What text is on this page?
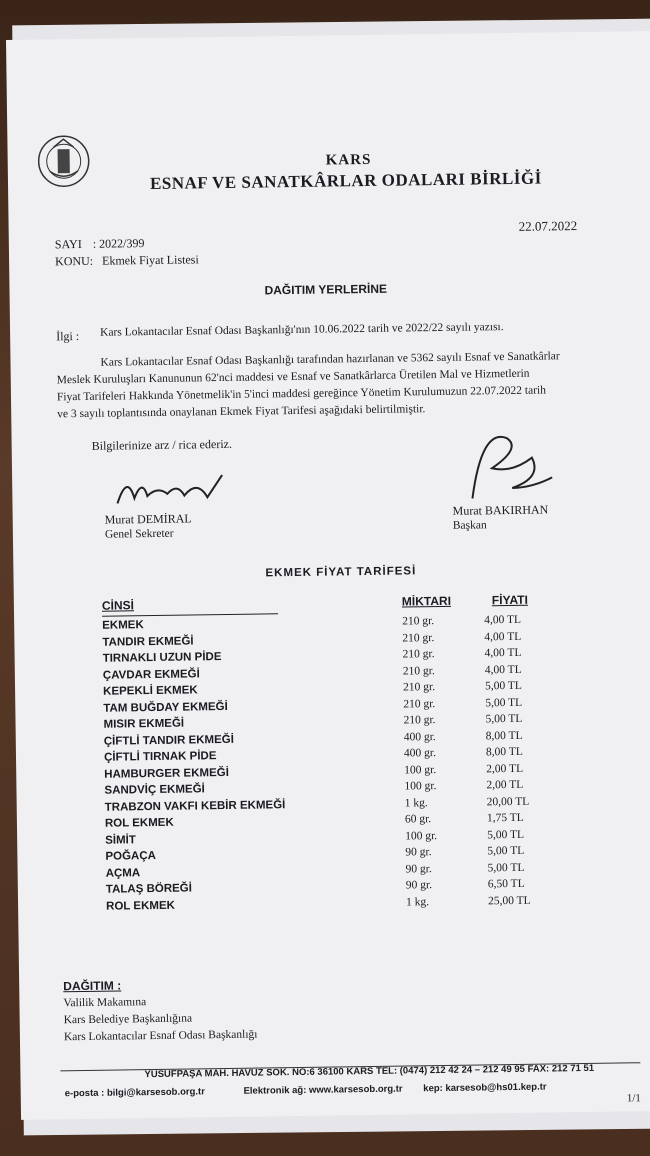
KARS
ESNAF VE SANATKÂRLAR ODALARI BİRLİĞİ
22.07.2022
SAYI : 2022/399
KONU: Ekmek Fiyat Listesi
DAĞITIM YERLERİNE
İlgi : Kars Lokantacılar Esnaf Odası Başkanlığı'nın 10.06.2022 tarih ve 2022/22 sayılı yazısı.
Kars Lokantacılar Esnaf Odası Başkanlığı tarafından hazırlanan ve 5362 sayılı Esnaf ve Sanatkârlar
Meslek Kuruluşları Kanununun 62'nci maddesi ve Esnaf ve Sanatkârlarca Üretilen Mal ve Hizmetlerin
Fiyat Tarifeleri Hakkında Yönetmelik'in 5'inci maddesi gereğince Yönetim Kurulumuzun 22.07.2022 tarih
ve 3 sayılı toplantısında onaylanan Ekmek Fiyat Tarifesi aşağıdaki belirtilmiştir.
Bilgilerinize arz / rica ederiz.
Murat DEMİRAL
Genel Sekreter
Murat BAKIRHAN
Başkan
EKMEK FİYAT TARİFESİ
CİNSİ	MİKTARI	FİYATI
EKMEK	210 gr.	4,00 TL
TANDIR EKMEĞİ	210 gr.	4,00 TL
TIRNAKLI UZUN PİDE	210 gr.	4,00 TL
ÇAVDAR EKMEĞİ	210 gr.	4,00 TL
KEPEKLİ EKMEK	210 gr.	5,00 TL
TAM BUĞDAY EKMEĞİ	210 gr.	5,00 TL
MISIR EKMEĞİ	210 gr.	5,00 TL
ÇİFTLİ TANDIR EKMEĞİ	400 gr.	8,00 TL
ÇİFTLİ TIRNAK PİDE	400 gr.	8,00 TL
HAMBURGER EKMEĞİ	100 gr.	2,00 TL
SANDVİÇ EKMEĞİ	100 gr.	2,00 TL
TRABZON VAKFI KEBİR EKMEĞİ	1 kg.	20,00 TL
ROL EKMEK	60 gr.	1,75 TL
SİMİT	100 gr.	5,00 TL
POĞAÇA	90 gr.	5,00 TL
AÇMA	90 gr.	5,00 TL
TALAŞ BÖREĞİ	90 gr.	6,50 TL
ROL EKMEK	1 kg.	25,00 TL
DAĞITIM :
Valilik Makamına
Kars Belediye Başkanlığına
Kars Lokantacılar Esnaf Odası Başkanlığı
YUSUFPAŞA MAH. HAVUZ SOK. NO:6 36100 KARS TEL: (0474) 212 42 24 – 212 49 95 FAX: 212 71 51
e-posta : bilgi@karsesob.org.tr	Elektronik ağ: www.karsesob.org.tr kep: karsesob@hs01.kep.tr
1/1
